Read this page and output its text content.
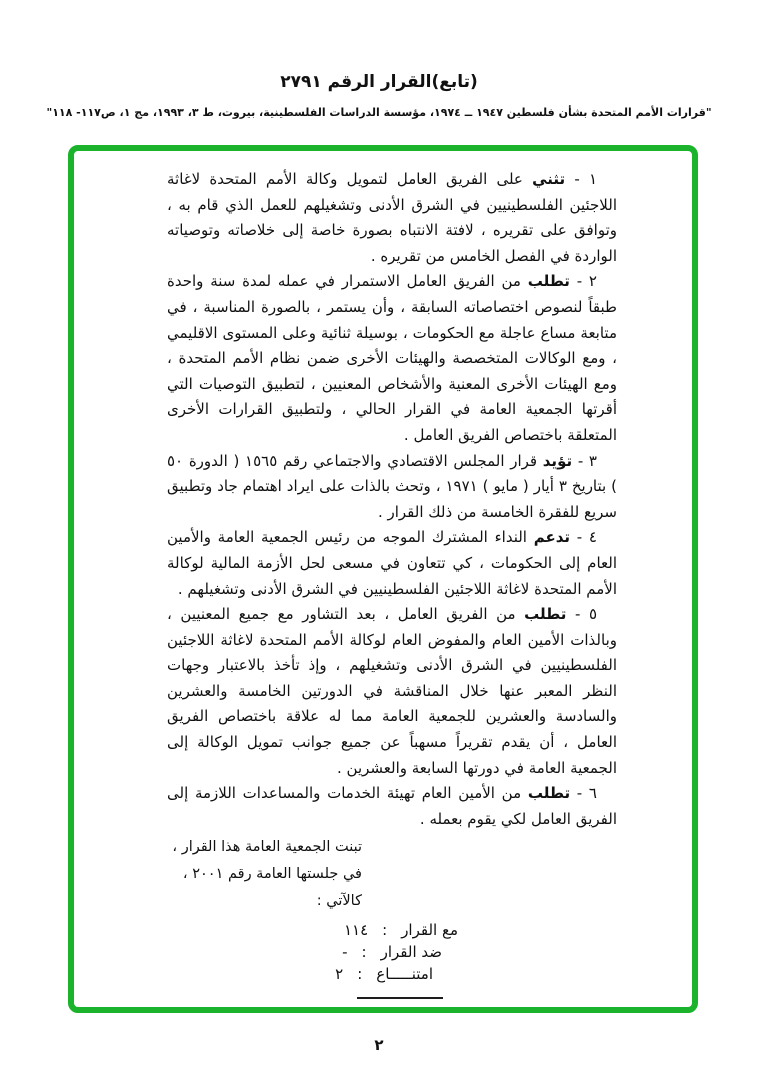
(تابع)القرار الرقم ٢٧٩١
"قرارات الأمم المتحدة بشأن فلسطين ١٩٤٧ ــ ١٩٧٤، مؤسسة الدراسات الفلسطينية، بيروت، ط ٣، ١٩٩٣، مج ١، ص١١٧- ١١٨"

١ - تثني على الفريق العامل لتمويل وكالة الأمم المتحدة لاغاثة اللاجئين الفلسطينيين في الشرق الأدنى وتشغيلهم للعمل الذي قام به ، وتوافق على تقريره ، لافتة الانتباه بصورة خاصة إلى خلاصاته وتوصياته الواردة في الفصل الخامس من تقريره .

٢ - تطلب من الفريق العامل الاستمرار في عمله لمدة سنة واحدة طبقاً لنصوص اختصاصاته السابقة ، وأن يستمر ، بالصورة المناسبة ، في متابعة مساع عاجلة مع الحكومات ، بوسيلة ثنائية وعلى المستوى الاقليمي ، ومع الوكالات المتخصصة والهيئات الأخرى ضمن نظام الأمم المتحدة ، ومع الهيئات الأخرى المعنية والأشخاص المعنيين ، لتطبيق التوصيات التي أقرتها الجمعية العامة في القرار الحالي ، ولتطبيق القرارات الأخرى المتعلقة باختصاص الفريق العامل .

٣ - تؤيد قرار المجلس الاقتصادي والاجتماعي رقم ١٥٦٥ ( الدورة ٥٠ ) بتاريخ ٣ أيار ( مايو ) ١٩٧١ ، وتحث بالذات على ايراد اهتمام جاد وتطبيق سريع للفقرة الخامسة من ذلك القرار .

٤ - تدعم النداء المشترك الموجه من رئيس الجمعية العامة والأمين العام إلى الحكومات ، كي تتعاون في مسعى لحل الأزمة المالية لوكالة الأمم المتحدة لاغاثة اللاجئين الفلسطينيين في الشرق الأدنى وتشغيلهم .

٥ - تطلب من الفريق العامل ، بعد التشاور مع جميع المعنيين ، وبالذات الأمين العام والمفوض العام لوكالة الأمم المتحدة لاغاثة اللاجئين الفلسطينيين في الشرق الأدنى وتشغيلهم ، وإذ تأخذ بالاعتبار وجهات النظر المعبر عنها خلال المناقشة في الدورتين الخامسة والعشرين والسادسة والعشرين للجمعية العامة مما له علاقة باختصاص الفريق العامل ، أن يقدم تقريراً مسهباً عن جميع جوانب تمويل الوكالة إلى الجمعية العامة في دورتها السابعة والعشرين .

٦ - تطلب من الأمين العام تهيئة الخدمات والمساعدات اللازمة إلى الفريق العامل لكي يقوم بعمله .

تبنت الجمعية العامة هذا القرار ،
في جلستها العامة رقم ٢٠٠١ ،
كالآتي :
مع القرار
:
١١٤
ضد القرار
:
-
امتنـــــاع
:
٢
٢
